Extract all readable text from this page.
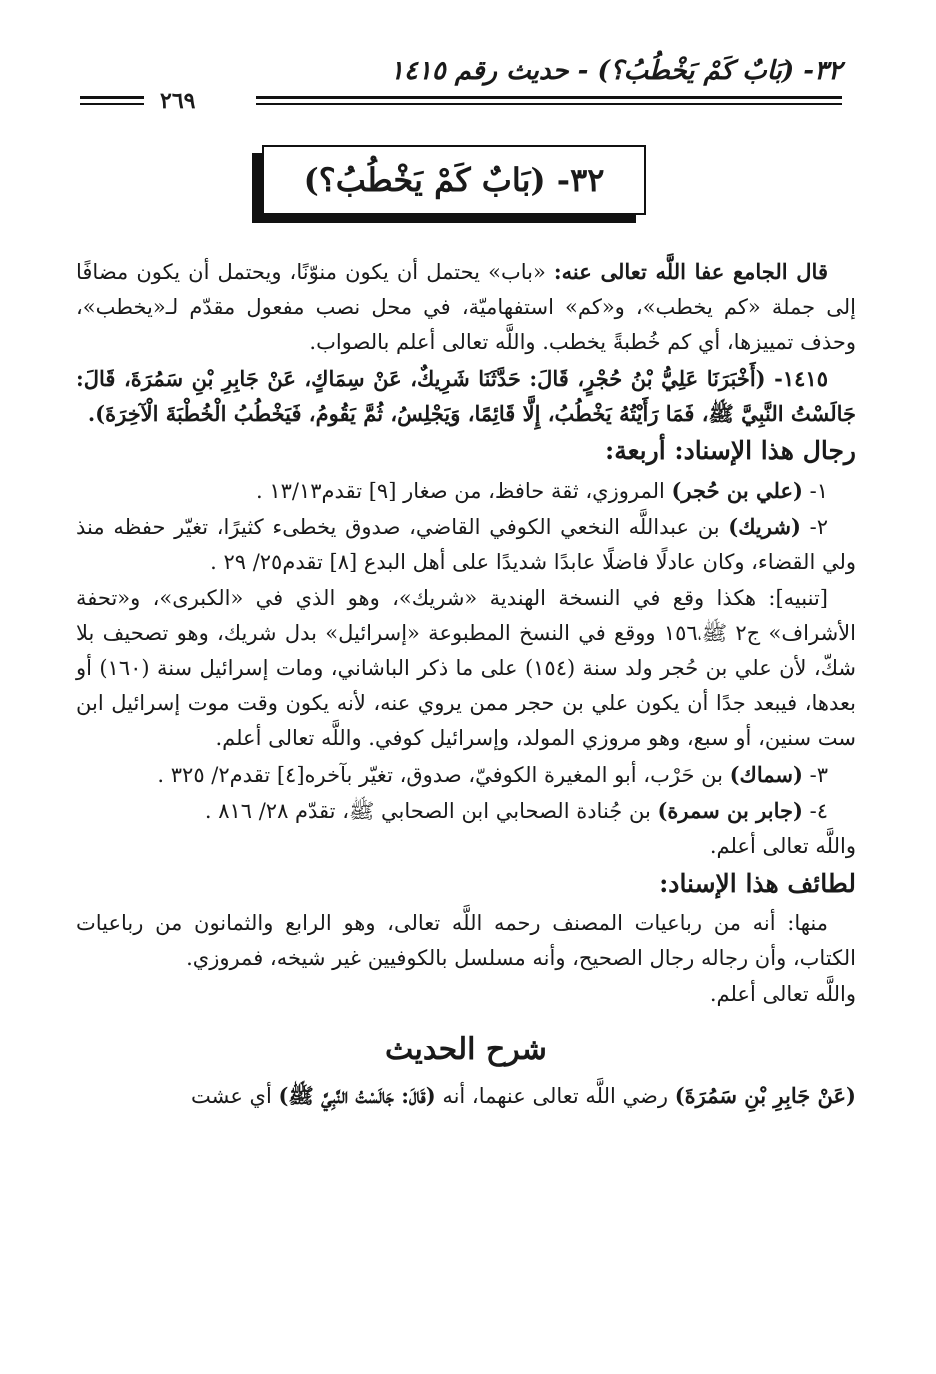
٣٢- (بَابٌ كَمْ يَخْطُبُ؟) - حديث رقم ١٤١٥
٢٦٩
٣٢- (بَابٌ كَمْ يَخْطُبُ؟)

قال الجامع عفا اللَّه تعالى عنه: «باب» يحتمل أن يكون منوّنًا، ويحتمل أن يكون مضافًا إلى جملة «كم يخطب»، و«كم» استفهاميّة، في محل نصب مفعول مقدّم لـ«يخطب»، وحذف تمييزها، أي كم خُطبةً يخطب. واللَّه تعالى أعلم بالصواب.

١٤١٥- (أَخْبَرَنَا عَلِيُّ بْنُ حُجْرٍ، قَالَ: حَدَّثَنَا شَرِيكٌ، عَنْ سِمَاكٍ، عَنْ جَابِرِ بْنِ سَمُرَةَ، قَالَ: جَالَسْتُ النَّبِيَّ ﷺ، فَمَا رَأَيْتُهُ يَخْطُبُ، إِلَّا قَائِمًا، وَيَجْلِسُ، ثُمَّ يَقُومُ، فَيَخْطُبُ الْخُطْبَةَ الْآخِرَةَ).

رجال هذا الإسناد: أربعة:

١- (علي بن حُجر) المروزي، ثقة حافظ، من صغار [٩] تقدم١٣/١٣ .

٢- (شريك) بن عبداللَّه النخعي الكوفي القاضي، صدوق يخطىء كثيرًا، تغيّر حفظه منذ ولي القضاء، وكان عادلًا فاضلًا عابدًا شديدًا على أهل البدع [٨] تقدم٢٥/ ٢٩ .

[تنبيه]: هكذا وقع في النسخة الهندية «شريك»، وهو الذي في «الكبرى»، و«تحفة الأشراف» ج٢ ﷺ،١٥٦ ووقع في النسخ المطبوعة «إسرائيل» بدل شريك، وهو تصحيف بلا شكّ، لأن علي بن حُجر ولد سنة (١٥٤) على ما ذكر الباشاني، ومات إسرائيل سنة (١٦٠) أو بعدها، فيبعد جدًا أن يكون علي بن حجر ممن يروي عنه، لأنه يكون وقت موت إسرائيل ابن ست سنين، أو سبع، وهو مروزي المولد، وإسرائيل كوفي. واللَّه تعالى أعلم.

٣- (سماك) بن حَرْب، أبو المغيرة الكوفيّ، صدوق، تغيّر بآخره[٤] تقدم٢/ ٣٢٥ .

٤- (جابر بن سمرة) بن جُنادة الصحابي ابن الصحابي ﷺ، تقدّم ٢٨/ ٨١٦ .

واللَّه تعالى أعلم.

لطائف هذا الإسناد:

منها: أنه من رباعيات المصنف رحمه اللَّه تعالى، وهو الرابع والثمانون من رباعيات الكتاب، وأن رجاله رجال الصحيح، وأنه مسلسل بالكوفيين غير شيخه، فمروزي.

واللَّه تعالى أعلم.

شرح الحديث

(عَنْ جَابِرِ بْنِ سَمُرَةَ) رضي اللَّه تعالى عنهما، أنه (قَالَ: جَالَسْتُ النَّبِيَّ ﷺ) أي عشت
